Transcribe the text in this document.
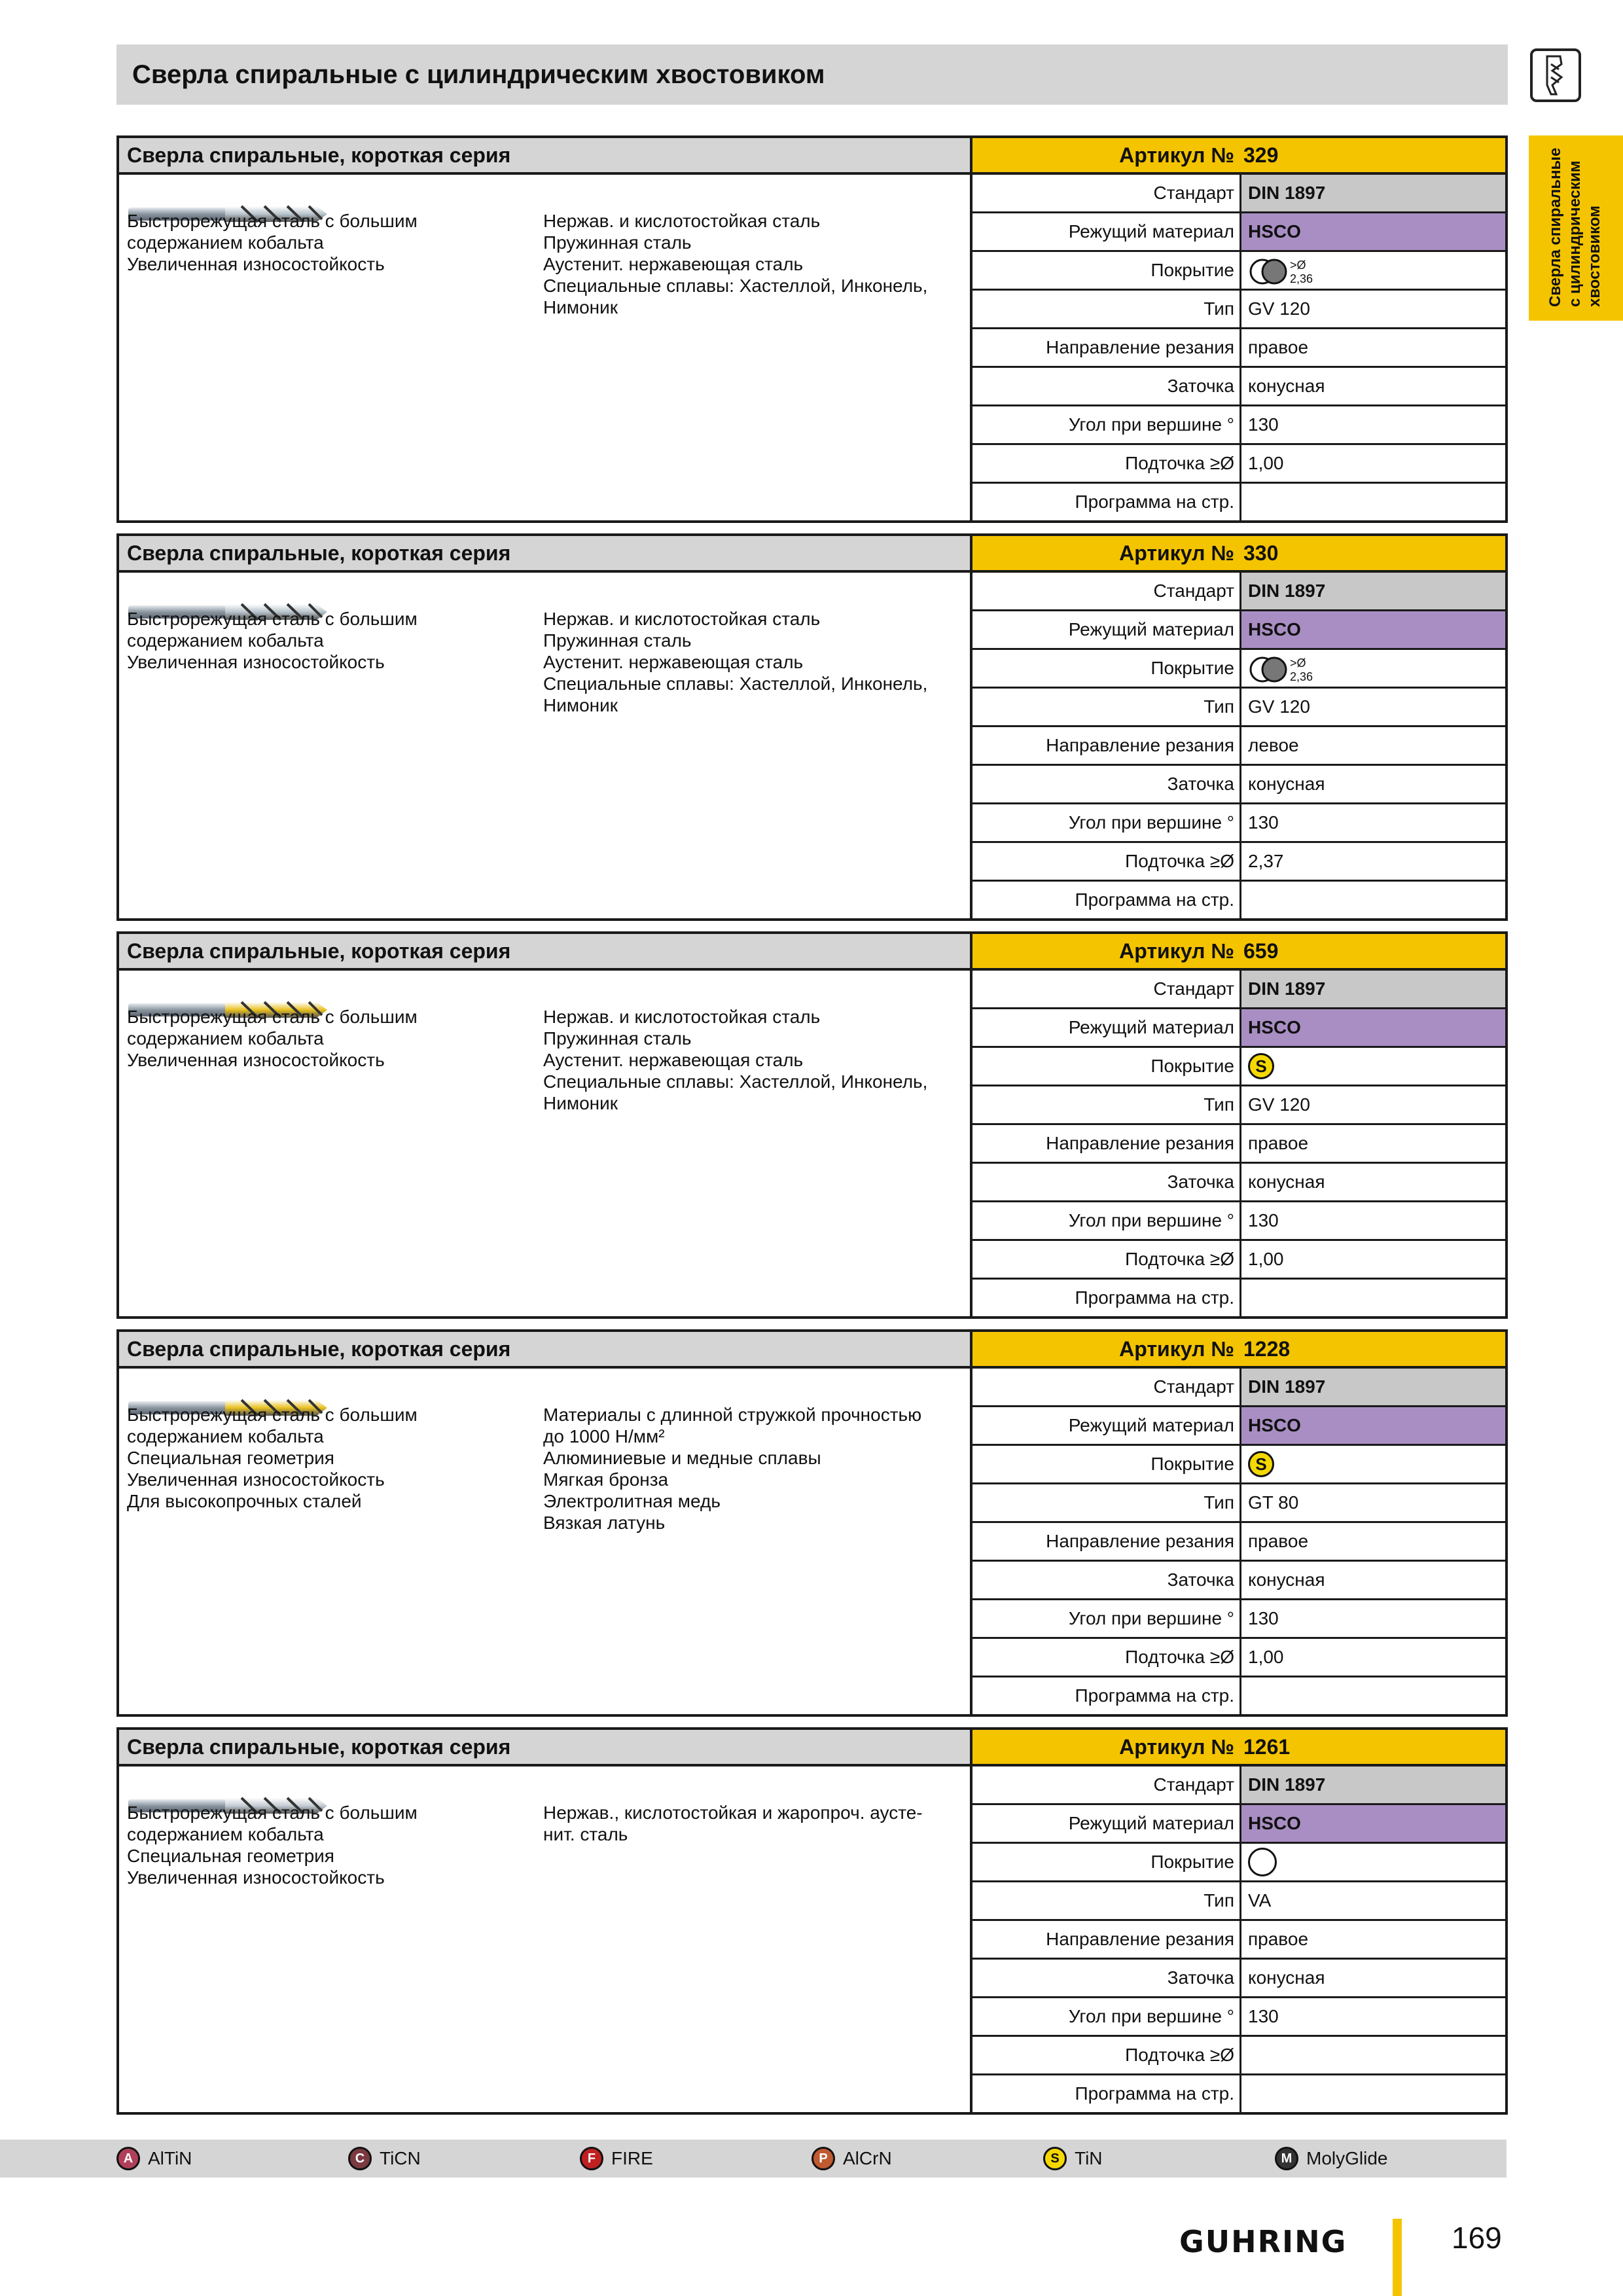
Сверла спиральные с цилиндрическим хвостовиком
Сверла спиральные с цилиндрическим хвостовиком
Сверла спиральные, короткая серия	Артикул № 329
Быстрорежущая сталь с большим
содержанием кобальта
Увеличенная износостойкость
Нержав. и кислотостойкая сталь
Пружинная сталь
Аустенит. нержавеющая сталь
Специальные сплавы: Хастеллой, Инконель,
Нимоник
Стандарт DIN 1897
Режущий материал HSCO
Покрытие	>Ø
2,36
Тип GV 120
Направление резания правое
Заточка конусная
Угол при вершине ° 130
Подточка ≥Ø 1,00
Программа на стр.
Сверла спиральные, короткая серия	Артикул № 330
Быстрорежущая сталь с большим
содержанием кобальта
Увеличенная износостойкость
Нержав. и кислотостойкая сталь
Пружинная сталь
Аустенит. нержавеющая сталь
Специальные сплавы: Хастеллой, Инконель,
Нимоник
Стандарт DIN 1897
Режущий материал HSCO
Покрытие	>Ø
2,36
Тип GV 120
Направление резания левое
Заточка конусная
Угол при вершине ° 130
Подточка ≥Ø 2,37
Программа на стр.
Сверла спиральные, короткая серия	Артикул № 659
Быстрорежущая сталь с большим
содержанием кобальта
Увеличенная износостойкость
Нержав. и кислотостойкая сталь
Пружинная сталь
Аустенит. нержавеющая сталь
Специальные сплавы: Хастеллой, Инконель,
Нимоник
Стандарт DIN 1897
Режущий материал HSCO
Покрытие	S
Тип GV 120
Направление резания правое
Заточка конусная
Угол при вершине ° 130
Подточка ≥Ø 1,00
Программа на стр.
Сверла спиральные, короткая серия	Артикул № 1228
Быстрорежущая сталь с большим
содержанием кобальта
Специальная геометрия
Увеличенная износостойкость
Для высокопрочных сталей
Материалы с длинной стружкой прочностью
до 1000 Н/мм²
Алюминиевые и медные сплавы
Мягкая бронза
Электролитная медь
Вязкая латунь
Стандарт DIN 1897
Режущий материал HSCO
Покрытие	S
Тип GT 80
Направление резания правое
Заточка конусная
Угол при вершине ° 130
Подточка ≥Ø 1,00
Программа на стр.
Сверла спиральные, короткая серия	Артикул № 1261
Быстрорежущая сталь с большим
содержанием кобальта
Специальная геометрия
Увеличенная износостойкость
Нержав., кислотостойкая и жаропроч. аусте-
нит. сталь
Стандарт DIN 1897
Режущий материал HSCO
Покрытие
Тип VA
Направление резания правое
Заточка конусная
Угол при вершине ° 130
Подточка ≥Ø
Программа на стр.
A AlTiN	C TiCN	F FIRE	P AlCrN	S TiN	M MolyGlide
GUHRING	169
